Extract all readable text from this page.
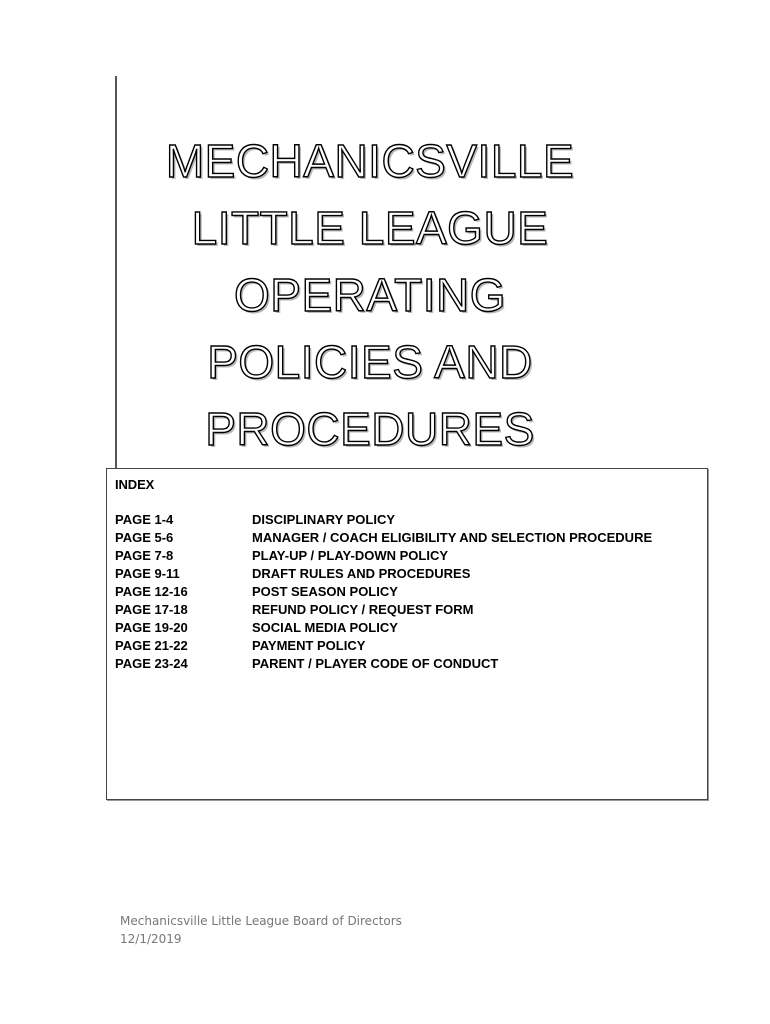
MECHANICSVILLE
LITTLE LEAGUE
OPERATING
POLICIES AND
PROCEDURES
INDEX
PAGE 1-4	DISCIPLINARY POLICY
PAGE 5-6	MANAGER / COACH ELIGIBILITY AND SELECTION PROCEDURE
PAGE 7-8	PLAY-UP / PLAY-DOWN POLICY
PAGE 9-11	DRAFT RULES AND PROCEDURES
PAGE 12-16	POST SEASON POLICY
PAGE 17-18	REFUND POLICY / REQUEST FORM
PAGE 19-20	SOCIAL MEDIA POLICY
PAGE 21-22	PAYMENT POLICY
PAGE 23-24	PARENT / PLAYER CODE OF CONDUCT
Mechanicsville Little League Board of Directors
12/1/2019
